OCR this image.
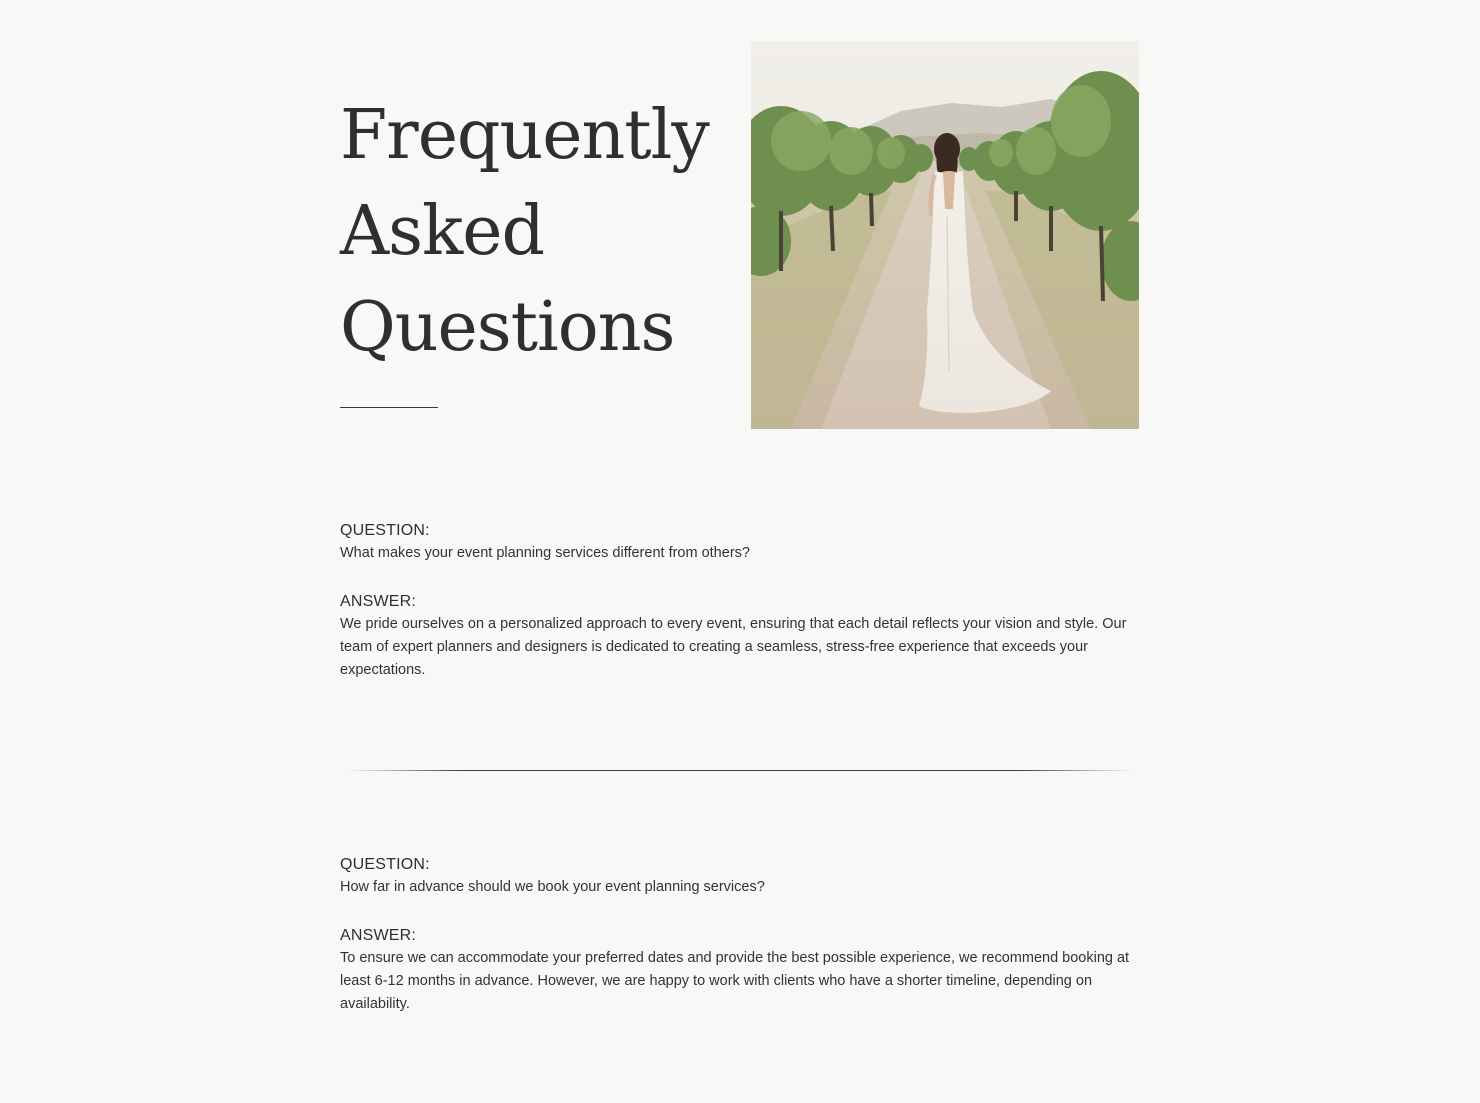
Frequently
Asked
Questions

QUESTION:

What makes your event planning services different from others?

ANSWER:

We pride ourselves on a personalized approach to every event, ensuring that each detail reflects your vision and style. Our team of expert planners and designers is dedicated to creating a seamless, stress-free experience that exceeds your expectations.

QUESTION:

How far in advance should we book your event planning services?

ANSWER:

To ensure we can accommodate your preferred dates and provide the best possible experience, we recommend booking at least 6-12 months in advance. However, we are happy to work with clients who have a shorter timeline, depending on availability.
